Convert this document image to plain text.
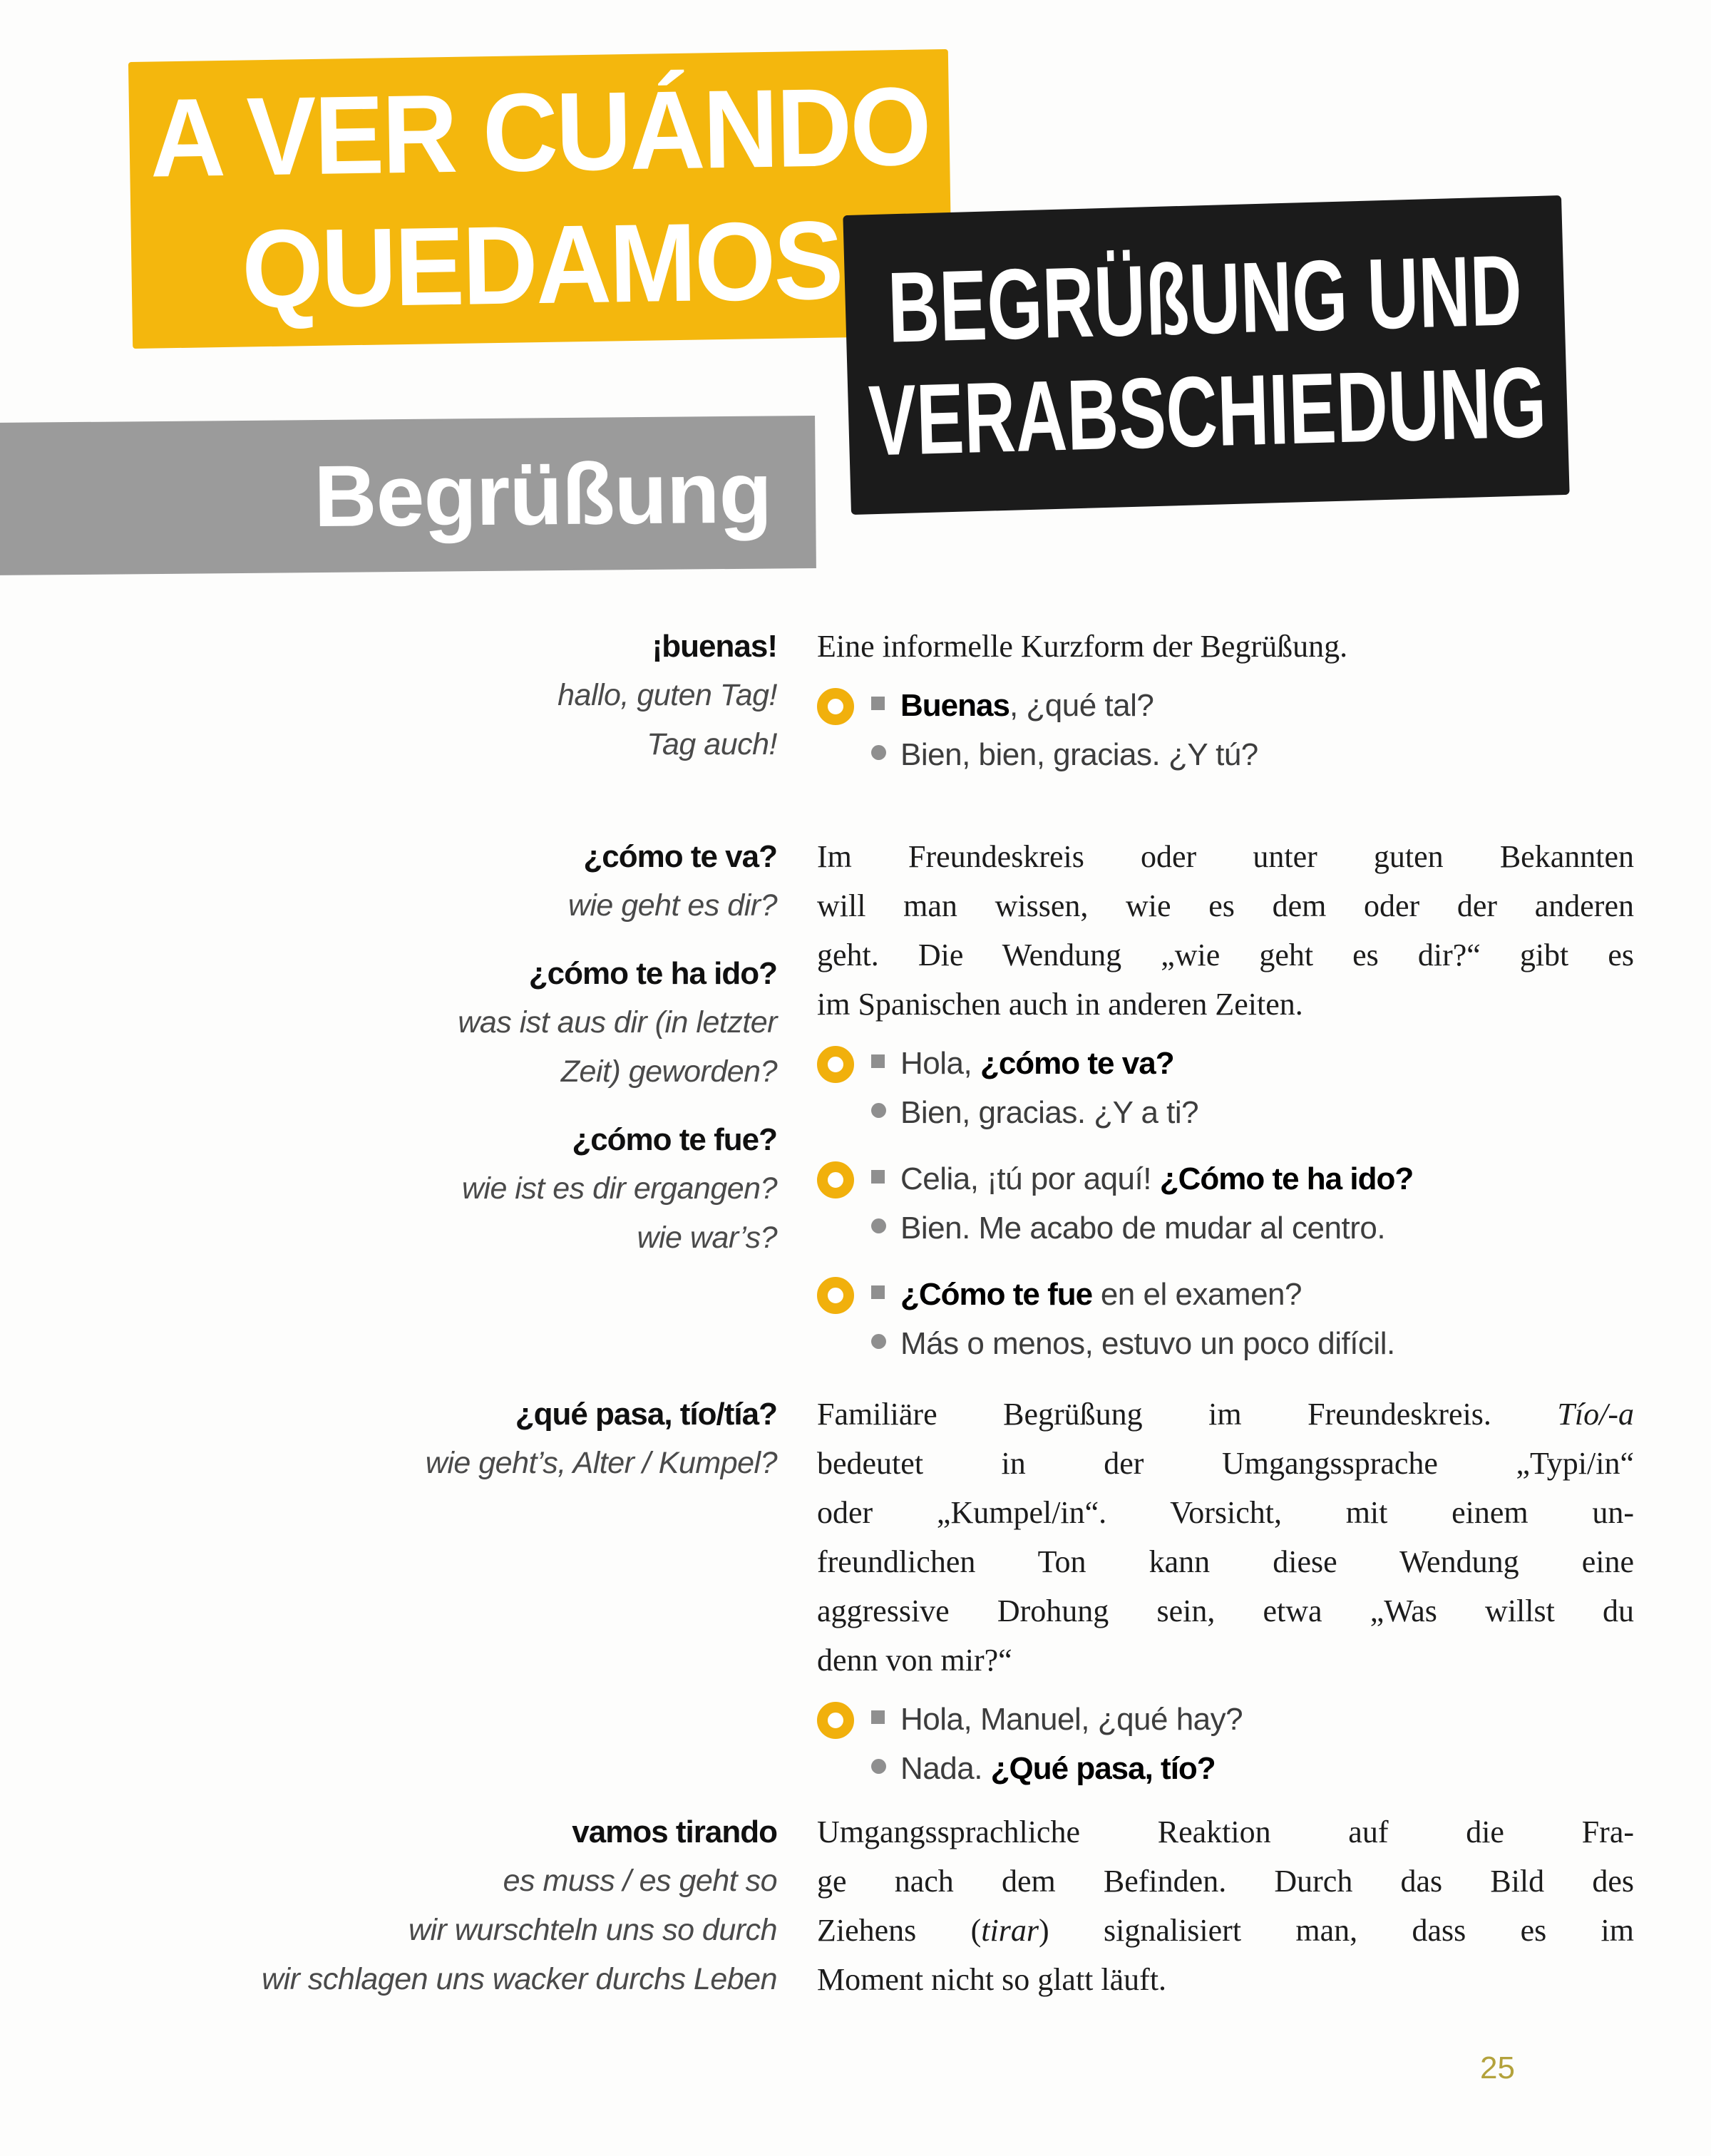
A VER CUÁNDO
QUEDAMOS BEGRÜßUNG UND
VERABSCHIEDUNG
Begrüßung
¡buenas!
hallo, guten Tag!
Tag auch!
Eine informelle Kurzform der Begrüßung.
Buenas, ¿qué tal?
Bien, bien, gracias. ¿Y tú?
¿cómo te va?
wie geht es dir?
¿cómo te ha ido?
was ist aus dir (in letzter
Zeit) geworden?
¿cómo te fue?
wie ist es dir ergangen?
wie war’s?
Im Freundeskreis oder unter guten Bekannten
will man wissen, wie es dem oder der anderen
geht. Die Wendung „wie geht es dir?“ gibt es
im Spanischen auch in anderen Zeiten.
Hola, ¿cómo te va?
Bien, gracias. ¿Y a ti?
Celia, ¡tú por aquí! ¿Cómo te ha ido?
Bien. Me acabo de mudar al centro.
¿Cómo te fue en el examen?
Más o menos, estuvo un poco difícil.
¿qué pasa, tío/tía?
wie geht’s, Alter / Kumpel?
Familiäre Begrüßung im Freundeskreis. Tío/-a
bedeutet in der Umgangssprache „Typi/in“
oder „Kumpel/in“. Vorsicht, mit einem un-
freundlichen Ton kann diese Wendung eine
aggressive Drohung sein, etwa „Was willst du
denn von mir?“
Hola, Manuel, ¿qué hay?
Nada. ¿Qué pasa, tío?
vamos tirando
es muss / es geht so
wir wurschteln uns so durch
wir schlagen uns wacker durchs Leben
Umgangssprachliche Reaktion auf die Fra-
ge nach dem Befinden. Durch das Bild des
Ziehens (tirar) signalisiert man, dass es im
Moment nicht so glatt läuft.
25
